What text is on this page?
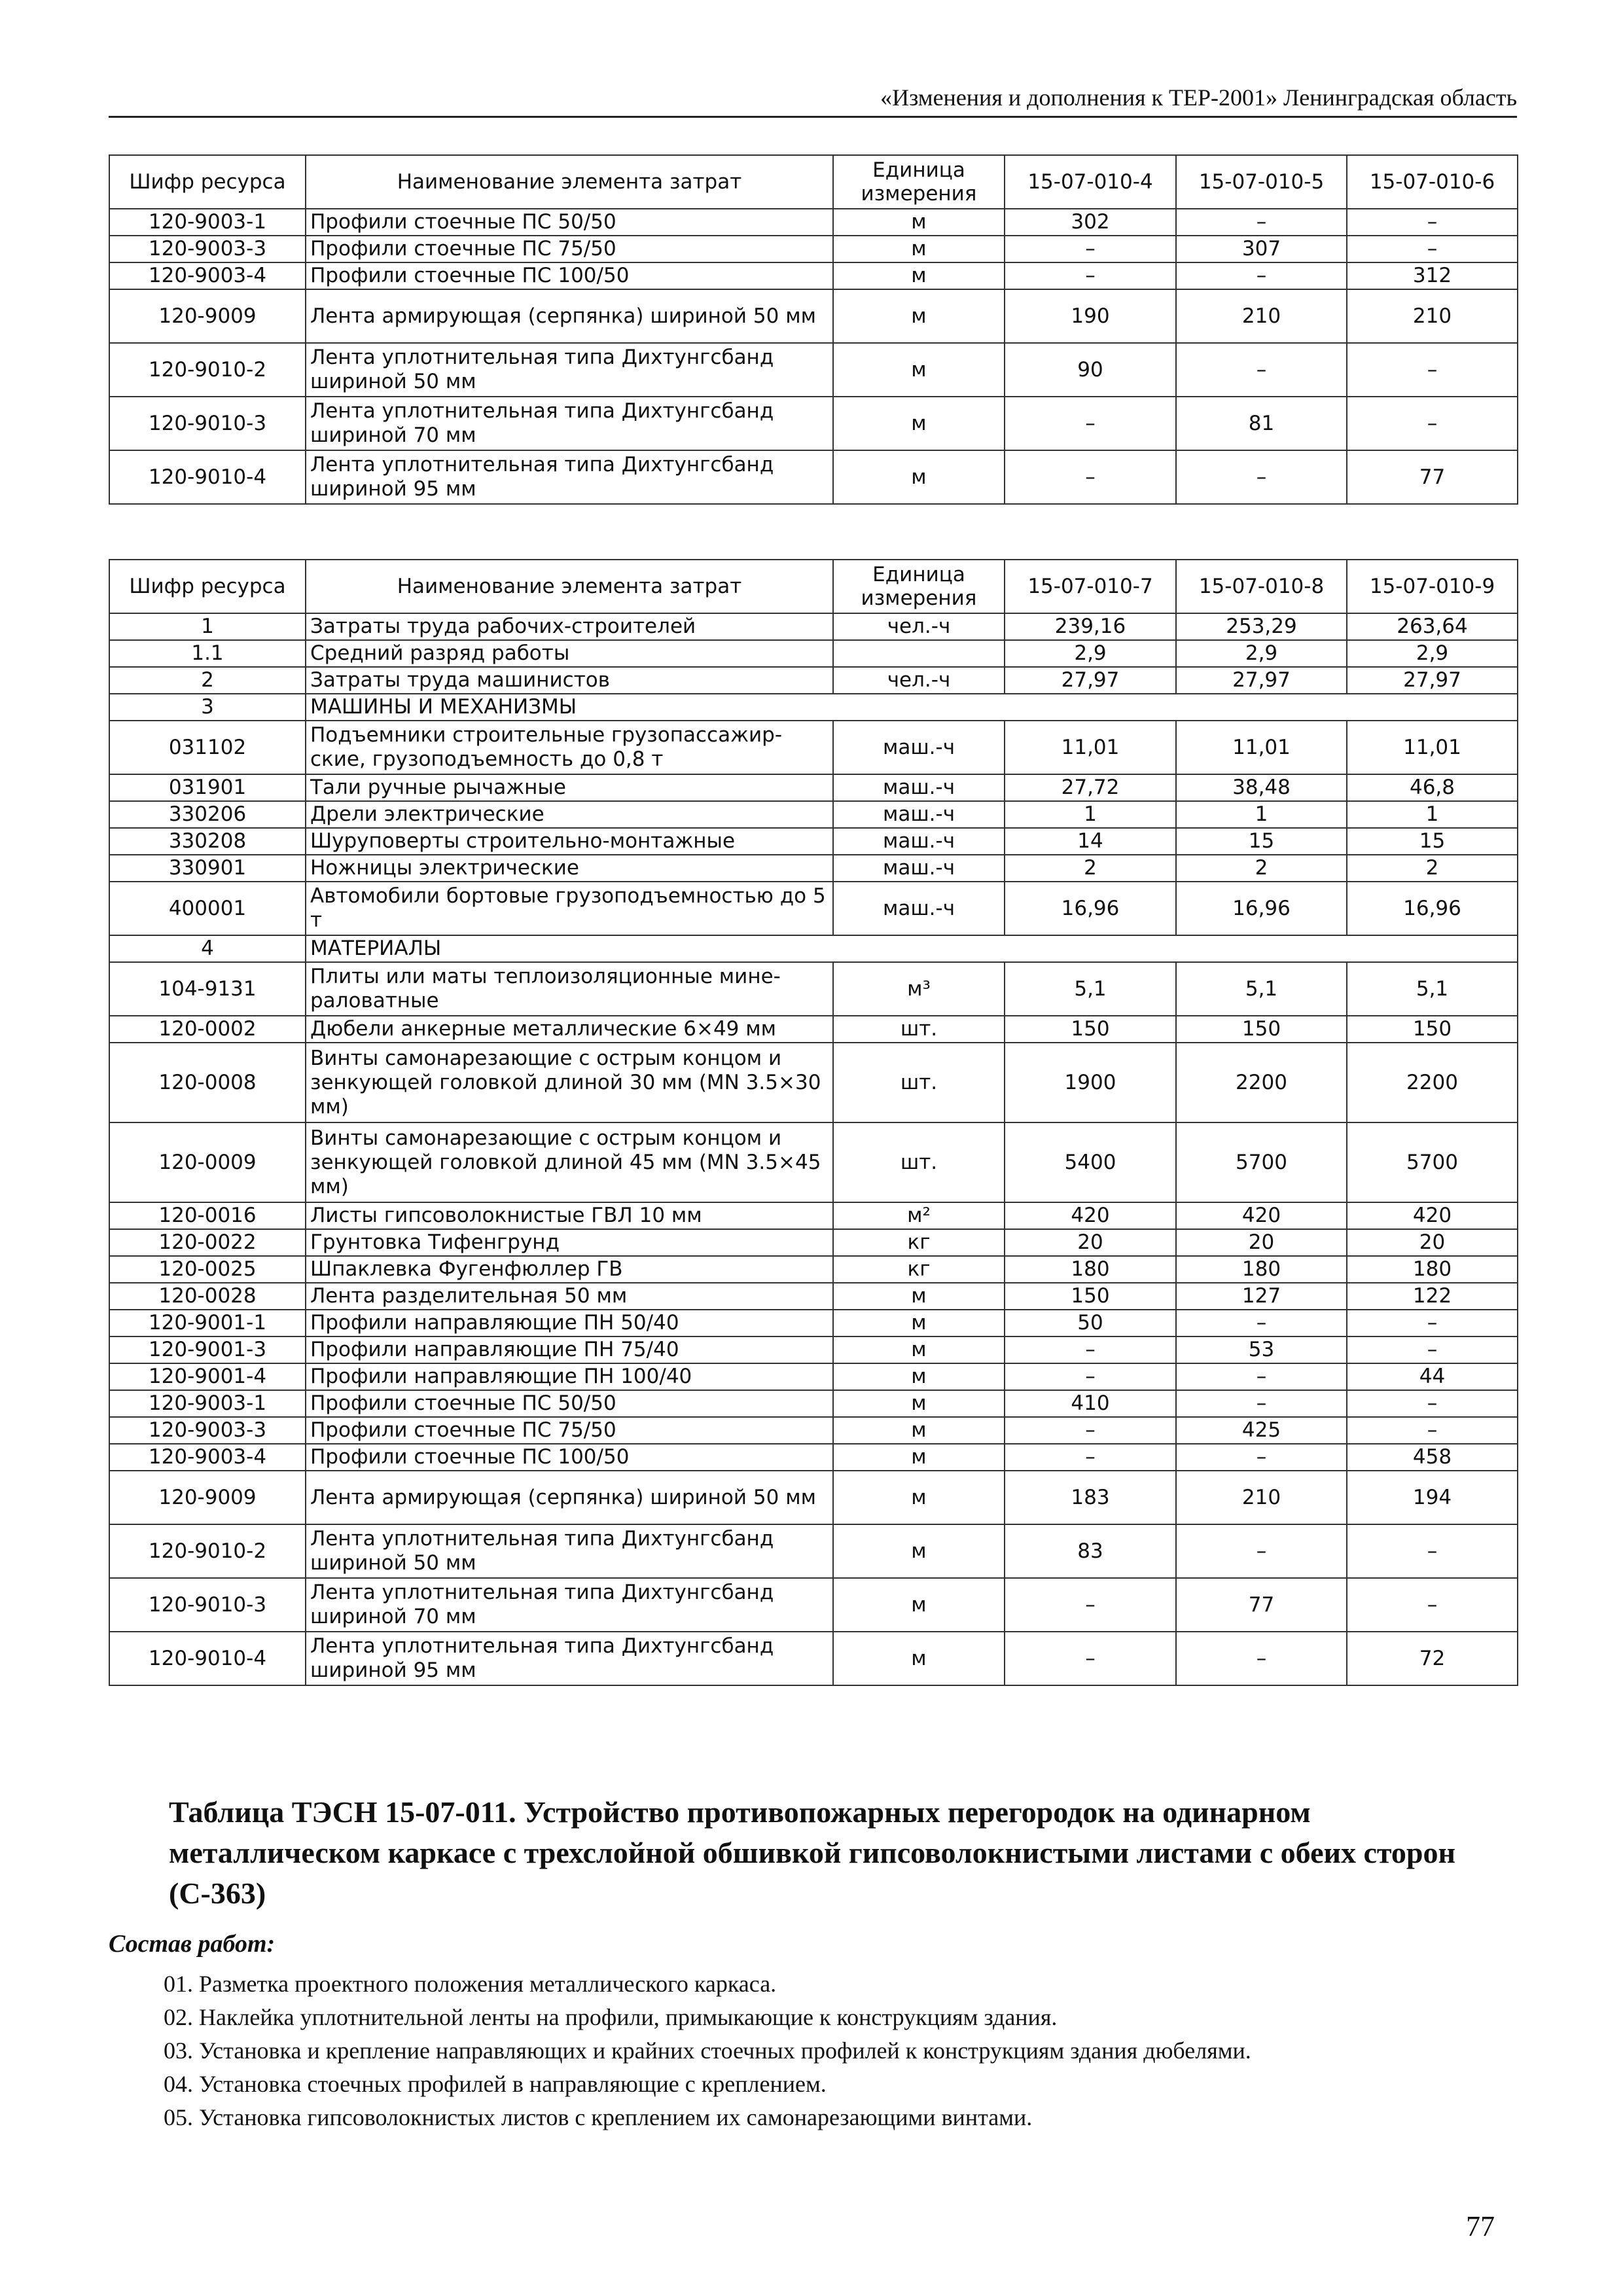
«Изменения и дополнения к ТЕР-2001» Ленинградская область
Шифр ресурса	Наименование элемента затрат	Единица измерения	15-07-010-4	15-07-010-5	15-07-010-6
120-9003-1	Профили стоечные ПС 50/50	м	302	–	–
120-9003-3	Профили стоечные ПС 75/50	м	–	307	–
120-9003-4	Профили стоечные ПС 100/50	м	–	–	312
120-9009	Лента армирующая (серпянка) шириной 50 мм	м	190	210	210
120-9010-2	Лента уплотнительная типа Дихтунгсбанд шириной 50 мм	м	90	–	–
120-9010-3	Лента уплотнительная типа Дихтунгсбанд шириной 70 мм	м	–	81	–
120-9010-4	Лента уплотнительная типа Дихтунгсбанд шириной 95 мм	м	–	–	77
Шифр ресурса	Наименование элемента затрат	Единица измерения	15-07-010-7	15-07-010-8	15-07-010-9
1	Затраты труда рабочих-строителей	чел.-ч	239,16	253,29	263,64
1.1	Средний разряд работы		2,9	2,9	2,9
2	Затраты труда машинистов	чел.-ч	27,97	27,97	27,97
3	МАШИНЫ И МЕХАНИЗМЫ				
031102	Подъемники строительные грузопассажир-ские, грузоподъемность до 0,8 т	маш.-ч	11,01	11,01	11,01
031901	Тали ручные рычажные	маш.-ч	27,72	38,48	46,8
330206	Дрели электрические	маш.-ч	1	1	1
330208	Шуруповерты строительно-монтажные	маш.-ч	14	15	15
330901	Ножницы электрические	маш.-ч	2	2	2
400001	Автомобили бортовые грузоподъемностью до 5 т	маш.-ч	16,96	16,96	16,96
4	МАТЕРИАЛЫ				
104-9131	Плиты или маты теплоизоляционные мине-раловатные	м³	5,1	5,1	5,1
120-0002	Дюбели анкерные металлические 6×49 мм	шт.	150	150	150
120-0008	Винты самонарезающие с острым концом и зенкующей головкой длиной 30 мм (MN 3.5×30 мм)	шт.	1900	2200	2200
120-0009	Винты самонарезающие с острым концом и зенкующей головкой длиной 45 мм (MN 3.5×45 мм)	шт.	5400	5700	5700
120-0016	Листы гипсоволокнистые ГВЛ 10 мм	м²	420	420	420
120-0022	Грунтовка Тифенгрунд	кг	20	20	20
120-0025	Шпаклевка Фугенфюллер ГВ	кг	180	180	180
120-0028	Лента разделительная 50 мм	м	150	127	122
120-9001-1	Профили направляющие ПН 50/40	м	50	–	–
120-9001-3	Профили направляющие ПН 75/40	м	–	53	–
120-9001-4	Профили направляющие ПН 100/40	м	–	–	44
120-9003-1	Профили стоечные ПС 50/50	м	410	–	–
120-9003-3	Профили стоечные ПС 75/50	м	–	425	–
120-9003-4	Профили стоечные ПС 100/50	м	–	–	458
120-9009	Лента армирующая (серпянка) шириной 50 мм	м	183	210	194
120-9010-2	Лента уплотнительная типа Дихтунгсбанд шириной 50 мм	м	83	–	–
120-9010-3	Лента уплотнительная типа Дихтунгсбанд шириной 70 мм	м	–	77	–
120-9010-4	Лента уплотнительная типа Дихтунгсбанд шириной 95 мм	м	–	–	72
Таблица ТЭСН 15-07-011. Устройство противопожарных перегородок на одинарном металлическом каркасе с трехслойной обшивкой гипсоволокнистыми листами с обеих сторон (С-363)

Состав работ:

01. Разметка проектного положения металлического каркаса.
02. Наклейка уплотнительной ленты на профили, примыкающие к конструкциям здания.
03. Установка и крепление направляющих и крайних стоечных профилей к конструкциям здания дюбелями.
04. Установка стоечных профилей в направляющие с креплением.
05. Установка гипсоволокнистых листов с креплением их самонарезающими винтами.
77
